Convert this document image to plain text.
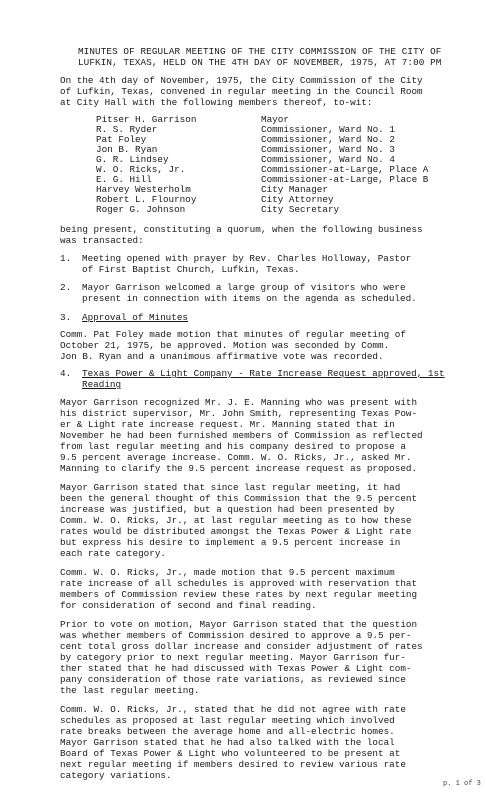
MINUTES OF REGULAR MEETING OF THE CITY COMMISSION OF THE CITY OF
LUFKIN, TEXAS, HELD ON THE 4TH DAY OF NOVEMBER, 1975, AT 7:00 PM
On the 4th day of November, 1975, the City Commission of the City
of Lufkin, Texas, convened in regular meeting in the Council Room
at City Hall with the following members thereof, to-wit:
Pitser H. Garrison	Mayor
R. S. Ryder	Commissioner, Ward No. 1
Pat Foley	Commissioner, Ward No. 2
Jon B. Ryan	Commissioner, Ward No. 3
G. R. Lindsey	Commissioner, Ward No. 4
W. O. Ricks, Jr.	Commissioner-at-Large, Place A
E. G. Hill	Commissioner-at-Large, Place B
Harvey Westerholm	City Manager
Robert L. Flournoy	City Attorney
Roger G. Johnson	City Secretary
being present, constituting a quorum, when the following business
was transacted:
1. Meeting opened with prayer by Rev. Charles Holloway, Pastor
of First Baptist Church, Lufkin, Texas.
2. Mayor Garrison welcomed a large group of visitors who were
present in connection with items on the agenda as scheduled.
3. Approval of Minutes
Comm. Pat Foley made motion that minutes of regular meeting of
October 21, 1975, be approved. Motion was seconded by Comm.
Jon B. Ryan and a unanimous affirmative vote was recorded.
4. Texas Power & Light Company - Rate Increase Request approved, 1st
Reading
Mayor Garrison recognized Mr. J. E. Manning who was present with
his district supervisor, Mr. John Smith, representing Texas Pow-
er & Light rate increase request. Mr. Manning stated that in
November he had been furnished members of Commission as reflected
from last regular meeting and his company desired to propose a
9.5 percent average increase. Comm. W. O. Ricks, Jr., asked Mr.
Manning to clarify the 9.5 percent increase request as proposed.
Mayor Garrison stated that since last regular meeting, it had
been the general thought of this Commission that the 9.5 percent
increase was justified, but a question had been presented by
Comm. W. O. Ricks, Jr., at last regular meeting as to how these
rates would be distributed amongst the Texas Power & Light rate
but express his desire to implement a 9.5 percent increase in
each rate category.
Comm. W. O. Ricks, Jr., made motion that 9.5 percent maximum
rate increase of all schedules is approved with reservation that
members of Commission review these rates by next regular meeting
for consideration of second and final reading.
Prior to vote on motion, Mayor Garrison stated that the question
was whether members of Commission desired to approve a 9.5 per-
cent total gross dollar increase and consider adjustment of rates
by category prior to next regular meeting. Mayor Garrison fur-
ther stated that he had discussed with Texas Power & Light com-
pany consideration of those rate variations, as reviewed since
the last regular meeting.
Comm. W. O. Ricks, Jr., stated that he did not agree with rate
schedules as proposed at last regular meeting which involved
rate breaks between the average home and all-electric homes.
Mayor Garrison stated that he had also talked with the local
Board of Texas Power & Light who volunteered to be present at
next regular meeting if members desired to review various rate
category variations.
p. 1 of 3
